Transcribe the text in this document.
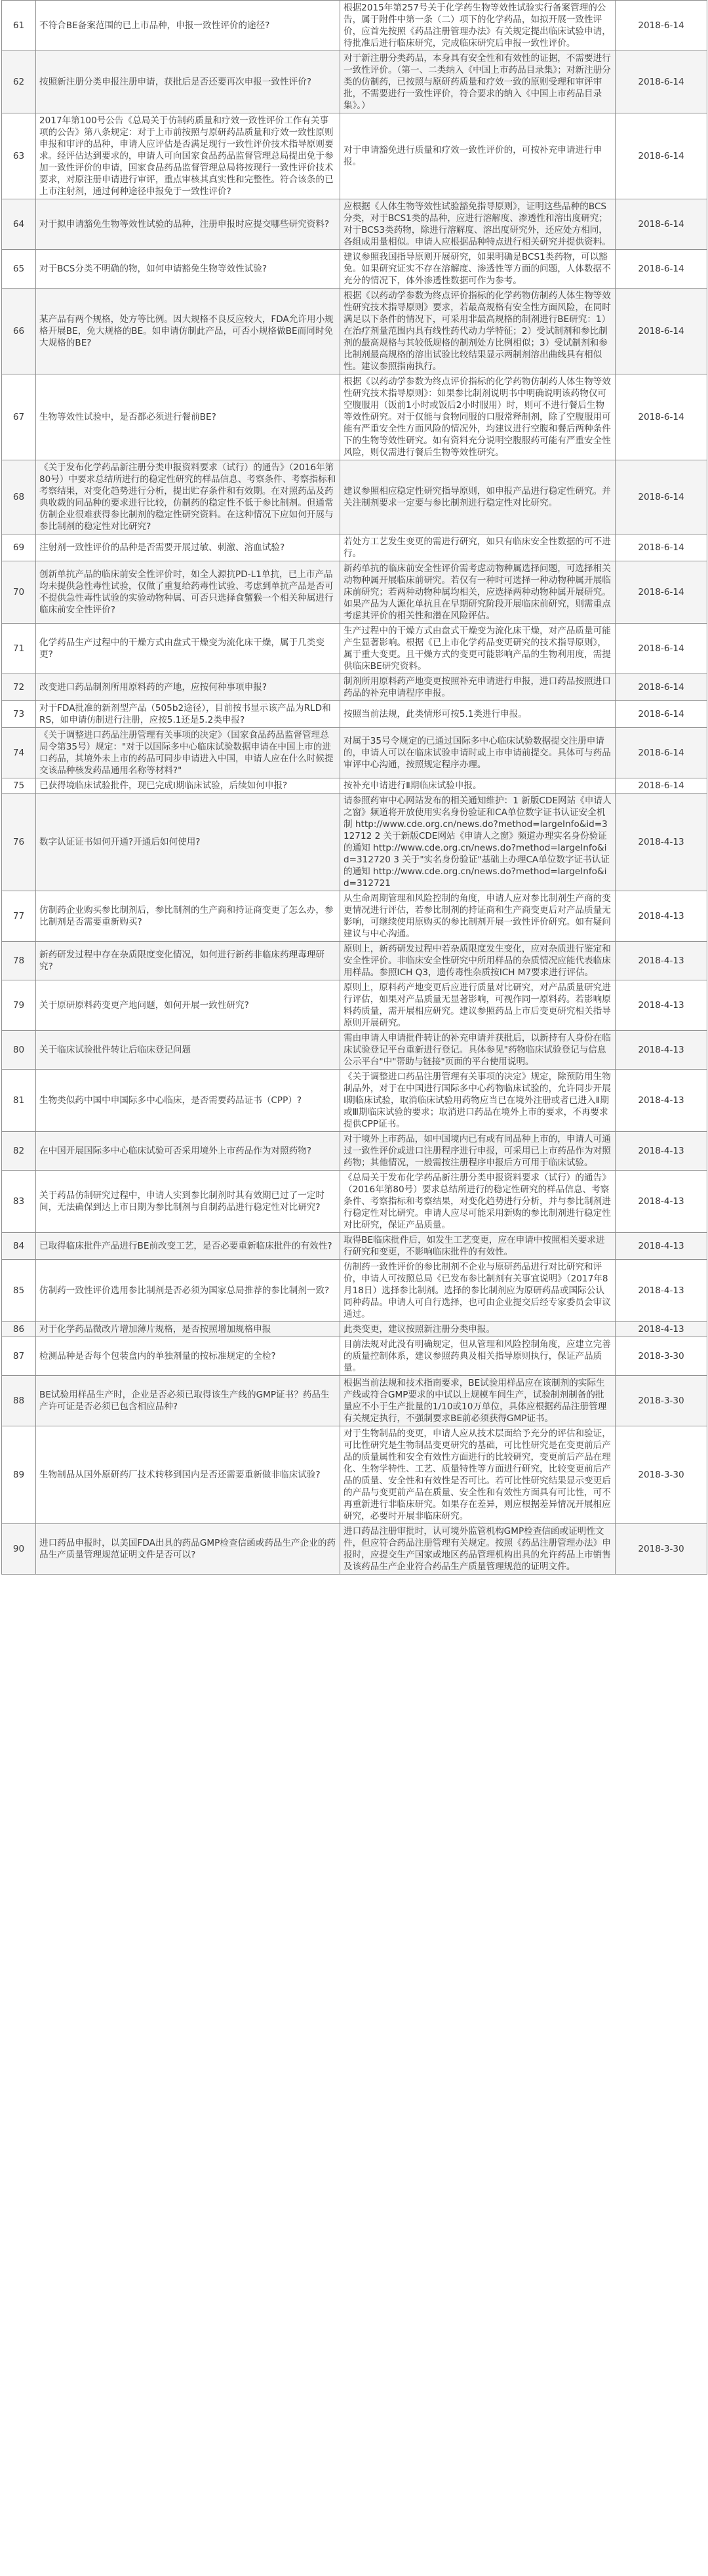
61	不符合BE备案范围的已上市品种，申报一致性评价的途径?	根据2015年第257号关于化学药生物等效性试验实行备案管理的公告，属于附件中第一条（二）项下的化学药品，如拟开展一致性评价，应首先按照《药品注册管理办法》有关规定提出临床试验申请，待批准后进行临床研究，完成临床研究后申报一致性评价。	2018-6-14
62	按照新注册分类申报注册申请，获批后是否还要再次申报一致性评价?	对于新注册分类药品，本身具有安全性和有效性的证据，不需要进行一致性评价。（第一、二类纳入《中国上市药品目录集》；对新注册分类的仿制药，已按照与原研药质量和疗效一致的原则受理和审评审批，不需要进行一致性评价，符合要求的纳入《中国上市药品目录集》。）	2018-6-14
63	2017年第100号公告《总局关于仿制药质量和疗效一致性评价工作有关事项的公告》第八条规定：对于上市前按照与原研药品质量和疗效一致性原则申报和审评的品种，申请人应评估是否满足现行一致性评价技术指导原则要求。经评估达到要求的，申请人可向国家食品药品监督管理总局提出免于参加一致性评价的申请，国家食品药品监督管理总局将按现行一致性评价技术要求，对原注册申请进行审评，重点审核其真实性和完整性。符合该条的已上市注射剂，通过何种途径申报免于一致性评价?	对于申请豁免进行质量和疗效一致性评价的，可按补充申请进行申报。	2018-6-14
64	对于拟申请豁免生物等效性试验的品种，注册申报时应提交哪些研究资料?	应根据《人体生物等效性试验豁免指导原则》，证明这些品种的BCS分类，对于BCS1类的品种，应进行溶解度、渗透性和溶出度研究；对于BCS3类药物，除进行溶解度、溶出度研究外，还应处方相同，各组成用量相似。申请人应根据品种特点进行相关研究并提供资料。	2018-6-14
65	对于BCS分类不明确的物，如何申请豁免生物等效性试验?	建议参照我国指导原则开展研究，如果明确是BCS1类药物，可以豁免。如果研究证实不存在溶解度、渗透性等方面的问题，人体数据不充分的情况下，体外渗透性数据可作为参考。	2018-6-14
66	某产品有两个规格，处方等比例。因大规格不良反应较大，FDA允许用小规格开展BE，免大规格的BE。如申请仿制此产品，可否小规格做BE而同时免大规格的BE?	根据《以药动学参数为终点评价指标的化学药物仿制药人体生物等效性研究技术指导原则》要求，若最高规格有安全性方面风险，在同时满足以下条件的情况下，可采用非最高规格的制剂进行BE研究：1）在治疗剂量范围内具有线性药代动力学特征；2）受试制剂和参比制剂的最高规格与其较低规格的制剂处方比例相似；3）受试制剂和参比制剂最高规格的溶出试验比较结果显示两制剂溶出曲线具有相似性。建议参照指南执行。	2018-6-14
67	生物等效性试验中，是否都必须进行餐前BE?	根据《以药动学参数为终点评价指标的化学药物仿制药人体生物等效性研究技术指导原则》：如果参比制剂说明书中明确说明该药物仅可空腹服用（饭前1小时或饭后2小时服用）时，则可不进行餐后生物等效性研究。对于仅能与食物同服的口服常释制剂，除了空腹服用可能有严重安全性方面风险的情况外，均建议进行空腹和餐后两种条件下的生物等效性研究。如有资料充分说明空腹服药可能有严重安全性风险，则仅需进行餐后生物等效性研究。	2018-6-14
68	《关于发布化学药品新注册分类申报资料要求（试行）的通告》（2016年第80号）中要求总结所进行的稳定性研究的样品信息、考察条件、考察指标和考察结果，对变化趋势进行分析，提出贮存条件和有效期。在对照药品及药典收载的同品种的要求进行比较，仿制药的稳定性不低于参比制剂。但通常仿制企业很难获得参比制剂的稳定性研究资料。在这种情况下应如何开展与参比制剂的稳定性对比研究?	建议参照相应稳定性研究指导原则，如申报产品进行稳定性研究。并关注制剂要求一定要与参比制剂进行稳定性对比研究。	2018-6-14
69	注射剂一致性评价的品种是否需要开展过敏、刺激、溶血试验?	若处方工艺发生变更的需进行研究，如只有临床安全性数据的可不进行。	2018-6-14
70	创新单抗产品的临床前安全性评价时，如全人源抗PD-L1单抗，已上市产品均未提供急性毒性试验，仅做了重复给药毒性试验、考虑到单抗产品是否可不提供急性毒性试验的实验动物种属、可否只选择食蟹猴一个相关种属进行临床前安全性评价?	新药单抗的临床前安全性评价需考虑动物种属选择问题，可选择相关动物种属开展临床前研究。若仅有一种时可选择一种动物种属开展临床前研究；若两种动物种属均相关，应选择两种动物种属开展研究。如果产品为人源化单抗且在早期研究阶段开展临床前研究，则需重点考虑其评价的相关性和潜在风险评估。	2018-6-14
71	化学药品生产过程中的干燥方式由盘式干燥变为流化床干燥，属于几类变更?	生产过程中的干燥方式由盘式干燥变为流化床干燥，对产品质量可能产生显著影响。根据《已上市化学药品变更研究的技术指导原则》，属于重大变更。且干燥方式的变更可能影响产品的生物利用度，需提供临床BE研究资料。	2018-6-14
72	改变进口药品制剂所用原料药的产地，应按何种事项申报?	制剂所用原料药产地变更按照补充申请进行申报，进口药品按照进口药品的补充申请程序申报。	2018-6-14
73	对于FDA批准的新剂型产品（505b2途径），目前按书显示该产品为RLD和RS，如申请仿制进行注册，应按5.1还是5.2类申报?	按照当前法规，此类情形可按5.1类进行申报。	2018-6-14
74	《关于调整进口药品注册管理有关事项的决定》（国家食品药品监督管理总局令第35号）规定："对于以国际多中心临床试验数据申请在中国上市的进口药品，其境外未上市的药品可同步申请进入中国，申请人应在什么时候提交该品种核发药品通用名称等材料?"	对属于35号令规定的已通过国际多中心临床试验数据提交注册申请的，申请人可以在临床试验申请时或上市申请前提交。具体可与药品审评中心沟通，按照规定程序办理。	2018-6-14
75	已获得境临床试验批件，现已完成Ⅰ期临床试验，后续如何申报?	按补充申请进行Ⅱ期临床试验申报。	2018-6-14
76	数字认证证书如何开通?开通后如何使用?	请参照药审中心网站发布的相关通知维护：1 新版CDE网站《申请人之窗》频道将开放使用实名身份验证和CA单位数字证书认证安全机制 http://www.cde.org.cn/news.do?method=largeInfo&id=312712 2 关于新版CDE网站《申请人之窗》频道办理实名身份验证的通知 http://www.cde.org.cn/news.do?method=largeInfo&id=312720 3 关于"实名身份验证"基础上办理CA单位数字证书认证的通知 http://www.cde.org.cn/news.do?method=largeInfo&id=312721	2018-4-13
77	仿制药企业购买参比制剂后，参比制剂的生产商和持证商变更了怎么办，参比制剂是否需要重新购买?	从生命周期管理和风险控制的角度，申请人应对参比制剂生产商的变更情况进行评估，若参比制剂的持证商和生产商变更后对产品质量无影响，可继续使用原购买的参比制剂开展一致性评价研究。如有疑问建议与中心沟通。	2018-4-13
78	新药研发过程中存在杂质限度变化情况，如何进行新药非临床药理毒理研究?	原则上，新药研发过程中若杂质限度发生变化，应对杂质进行鉴定和安全性评价。非临床安全性研究中所用样品的杂质情况应能代表临床用样品。参照ICH Q3，遗传毒性杂质按ICH M7要求进行评估。	2018-4-13
79	关于原研原料药变更产地问题，如何开展一致性研究?	原则上，原料药产地变更后应进行质量对比研究，对产品质量研究进行评估，如果对产品质量无显著影响，可视作同一原料药。若影响原料药质量，需开展相应研究。建议参照药品上市后变更研究相关指导原则开展研究。	2018-4-13
80	关于临床试验批件转让后临床登记问题	需由申请人申请批件转让的补充申请并获批后，以新持有人身份在临床试验登记平台重新进行登记。具体参见"药物临床试验登记与信息公示平台"中"帮助与链接"页面的平台使用说明。	2018-4-13
81	生物类似药中国中申国际多中心临床，是否需要药品证书（CPP）?	《关于调整进口药品注册管理有关事项的决定》规定，除预防用生物制品外，对于在中国进行国际多中心药物临床试验的，允许同步开展Ⅰ期临床试验，取消临床试验用药物应当已在境外注册或者已进入Ⅱ期或Ⅲ期临床试验的要求；取消进口药品在境外上市的要求，不再要求提供CPP证书。	2018-4-13
82	在中国开展国际多中心临床试验可否采用境外上市药品作为对照药物?	对于境外上市药品，如中国境内已有或有同品种上市的，申请人可通过一致性评价或进口注册程序进行申报，可采用已上市药品作为对照药物；其他情况，一般需按注册程序申报后方可用于临床试验。	2018-4-13
83	关于药品仿制研究过程中，申请人实到参比制剂时其有效期已过了一定时间，无法确保到达上市日期为参比制剂与自制药品进行稳定性对比研究?	《总局关于发布化学药品新注册分类申报资料要求（试行）的通告》（2016年第80号）要求总结所进行的稳定性研究的样品信息、考察条件、考察指标和考察结果，对变化趋势进行分析，并与参比制剂进行稳定性对比研究。申请人应尽可能采用新购的参比制剂进行稳定性对比研究，保证产品质量。	2018-4-13
84	已取得临床批件产品进行BE前改变工艺，是否必要重新临床批件的有效性?	取得BE临床批件后，如发生工艺变更，应在申请中按照相关要求进行研究和变更，不影响临床批件的有效性。	2018-4-13
85	仿制药一致性评价选用参比制剂是否必须为国家总局推荐的参比制剂一致?	仿制药一致性评价的参比制剂不企业与原研药品进行对比研究和评价，申请人可按照总局《已发布参比制剂有关事宜说明》（2017年8月18日）选择参比制剂。选择的参比制剂应为原研药品或国际公认同种药品。申请人可自行选择，也可由企业提交后经专家委员会审议通过。	2018-4-13
86	对于化学药品微改片增加薄片规格，是否按照增加规格申报	此类变更，建议按照新注册分类申报。	2018-4-13
87	检测品种是否每个包装盒内的单独剂量的按标准规定的全检?	目前法规对此没有明确规定，但从管理和风险控制角度，应建立完善的质量控制体系，建议参照药典及相关指导原则执行，保证产品质量。	2018-3-30
88	BE试验用样品生产时，企业是否必须已取得该生产线的GMP证书？药品生产许可证是否必须已包含相应品种?	根据当前法规和技术指南要求，BE试验用样品应在该制剂的实际生产线或符合GMP要求的中试以上规模车间生产，试验制剂制备的批量应不小于生产批量的1/10或10万单位，具体应根据药品注册管理有关规定执行，不强制要求BE前必须获得GMP证书。	2018-3-30
89	生物制品从国外原研药厂技术转移到国内是否还需要重新做非临床试验?	对于生物制品的变更，申请人应从技术层面给予充分的评估和验证，可比性研究是生物制品变更研究的基础，可比性研究是在变更前后产品的质量属性和安全有效性方面进行的比较研究，变更前后产品在理化、生物学特性、工艺、质量特性等方面进行研究，比较变更前后产品的质量、安全性和有效性是否可比。若可比性研究结果显示变更后的产品与变更前产品在质量、安全性和有效性方面具有可比性，可不再重新进行非临床研究。如果存在差异，则应根据差异情况开展相应研究，必要时开展非临床研究。	2018-3-30
90	进口药品申报时，以美国FDA出具的药品GMP检查信函或药品生产企业的药品生产质量管理规范证明文件是否可以?	进口药品注册审批时，认可境外监管机构GMP检查信函或证明性文件，但应符合药品注册管理有关规定。按照《药品注册管理办法》申报时，应提交生产国家或地区药品管理机构出具的允许药品上市销售及该药品生产企业符合药品生产质量管理规范的证明文件。	2018-3-30
